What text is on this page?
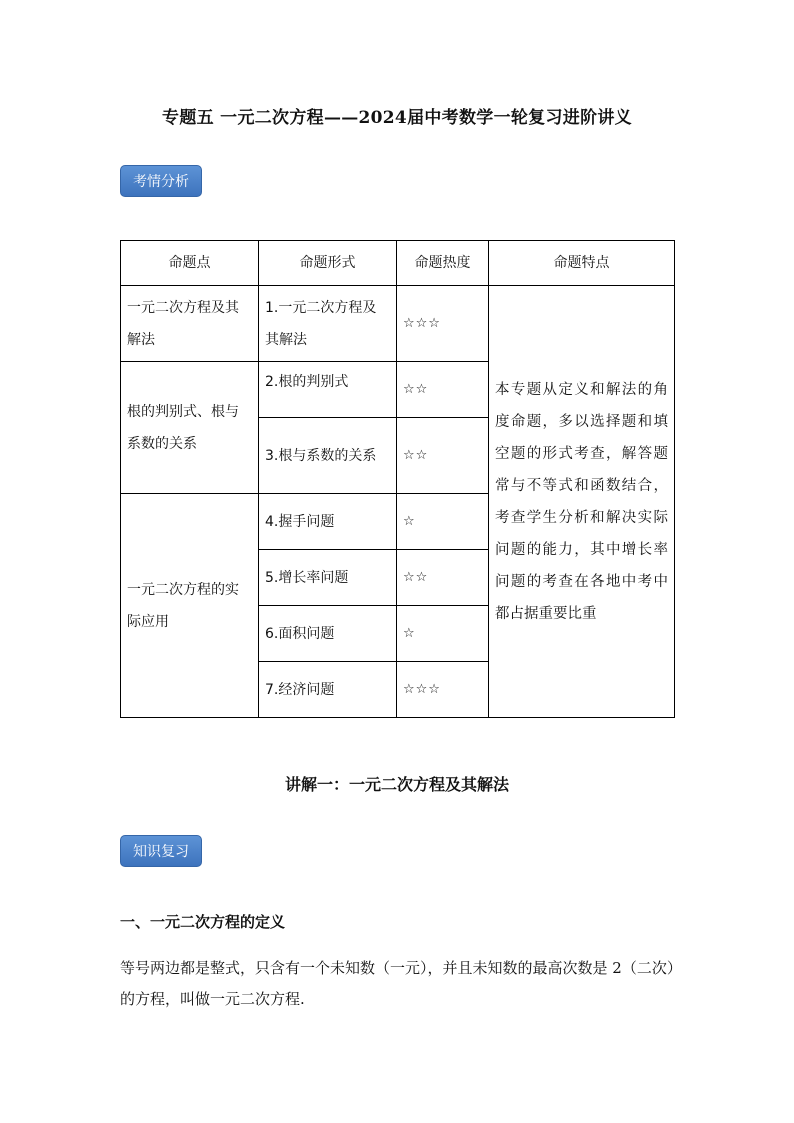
专题五 一元二次方程——2024届中考数学一轮复习进阶讲义
考情分析
命题点	命题形式	命题热度	命题特点
一元二次方程及其解法	1.一元二次方程及其解法	☆☆☆	本专题从定义和解法的角度命题，多以选择题和填空题的形式考查，解答题常与不等式和函数结合，考查学生分析和解决实际问题的能力，其中增长率问题的考查在各地中考中都占据重要比重
根的判别式、根与系数的关系	2.根的判别式	☆☆	
	3.根与系数的关系	☆☆	
一元二次方程的实际应用	4.握手问题	☆	
	5.增长率问题	☆☆	
	6.面积问题	☆	
	7.经济问题	☆☆☆	
讲解一：一元二次方程及其解法
知识复习
一、一元二次方程的定义
等号两边都是整式，只含有一个未知数（一元），并且未知数的最高次数是 2（二次）的方程，叫做一元二次方程.
